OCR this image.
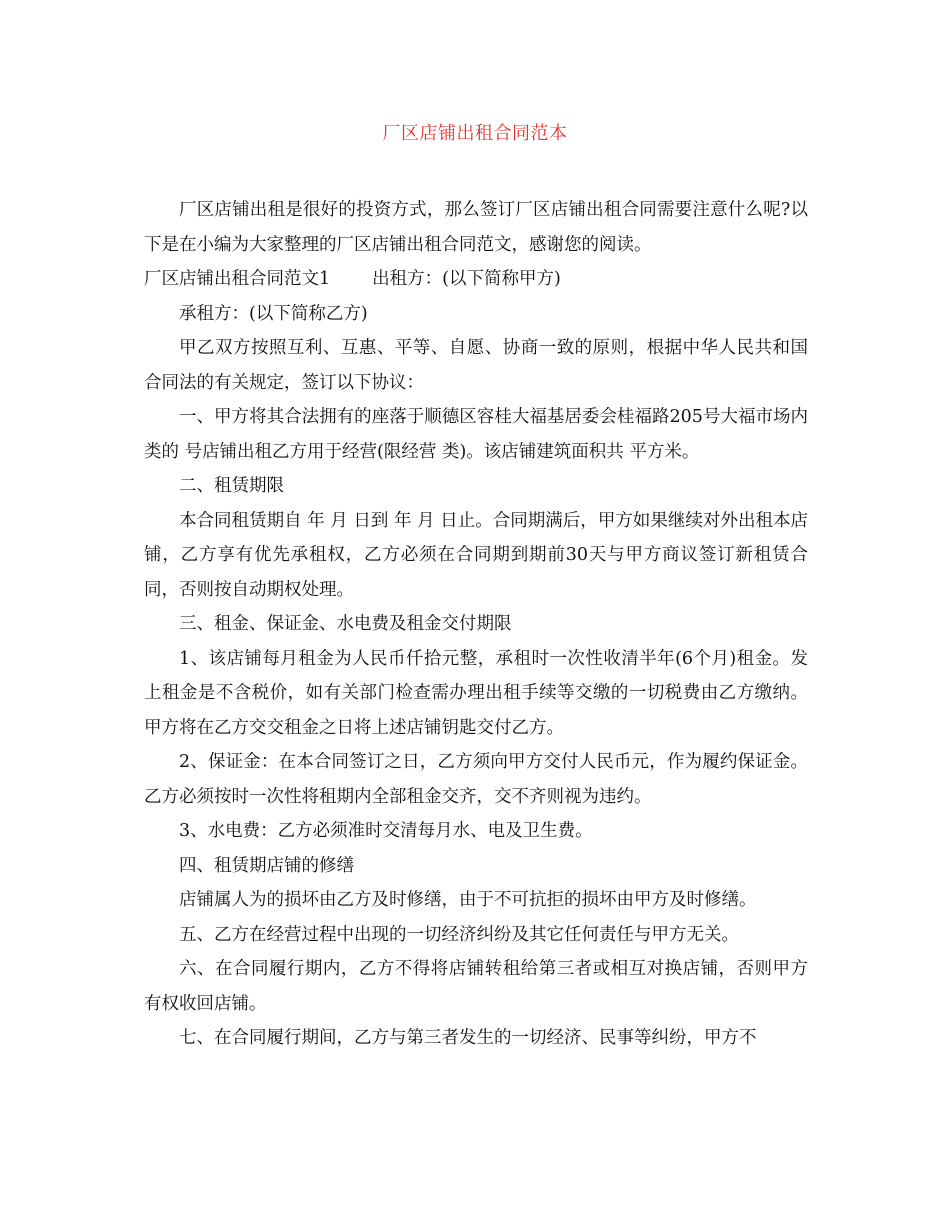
厂区店铺出租合同范本

厂区店铺出租是很好的投资方式，那么签订厂区店铺出租合同需要注意什么呢?以下是在小编为大家整理的厂区店铺出租合同范文，感谢您的阅读。

厂区店铺出租合同范文1 出租方：(以下简称甲方)

承租方：(以下简称乙方)

甲乙双方按照互利、互惠、平等、自愿、协商一致的原则，根据中华人民共和国合同法的有关规定，签订以下协议：

一、甲方将其合法拥有的座落于顺德区容桂大福基居委会桂福路205号大福市场内 类的 号店铺出租乙方用于经营(限经营 类)。该店铺建筑面积共 平方米。

二、租赁期限

本合同租赁期自 年 月 日到 年 月 日止。合同期满后，甲方如果继续对外出租本店铺，乙方享有优先承租权，乙方必须在合同期到期前30天与甲方商议签订新租赁合同，否则按自动期权处理。

三、租金、保证金、水电费及租金交付期限

1、该店铺每月租金为人民币仟拾元整，承租时一次性收清半年(6个月)租金。发上租金是不含税价，如有关部门检查需办理出租手续等交缴的一切税费由乙方缴纳。甲方将在乙方交交租金之日将上述店铺钥匙交付乙方。

2、保证金：在本合同签订之日，乙方须向甲方交付人民币元，作为履约保证金。乙方必须按时一次性将租期内全部租金交齐，交不齐则视为违约。

3、水电费：乙方必须准时交清每月水、电及卫生费。

四、租赁期店铺的修缮

店铺属人为的损坏由乙方及时修缮，由于不可抗拒的损坏由甲方及时修缮。

五、乙方在经营过程中出现的一切经济纠纷及其它任何责任与甲方无关。

六、在合同履行期内，乙方不得将店铺转租给第三者或相互对换店铺，否则甲方有权收回店铺。

七、在合同履行期间，乙方与第三者发生的一切经济、民事等纠纷，甲方不
